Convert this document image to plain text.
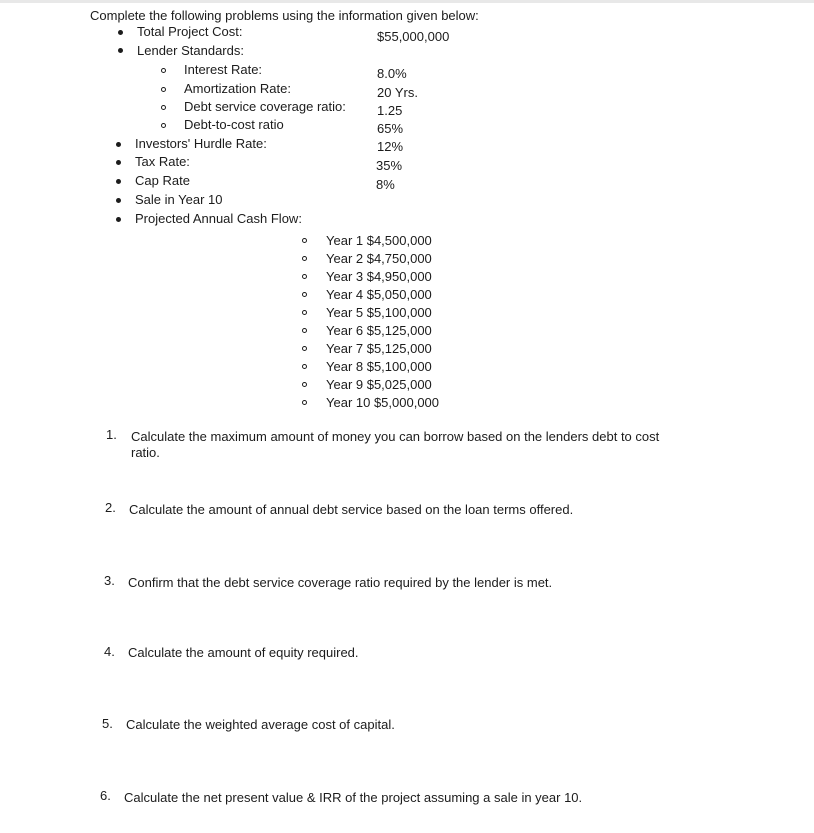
Complete the following problems using the information given below:
Total Project Cost:	$55,000,000
Lender Standards:
Interest Rate:	8.0%
Amortization Rate:	20 Yrs.
Debt service coverage ratio: 1.25
Debt-to-cost ratio	65%
Investors' Hurdle Rate:	12%
Tax Rate:	35%
Cap Rate	8%
Sale in Year 10
Projected Annual Cash Flow:
Year 1 $4,500,000
Year 2 $4,750,000
Year 3 $4,950,000
Year 4 $5,050,000
Year 5 $5,100,000
Year 6 $5,125,000
Year 7 $5,125,000
Year 8 $5,100,000
Year 9 $5,025,000
Year 10 $5,000,000
1. Calculate the maximum amount of money you can borrow based on the lenders debt to cost
ratio.
2. Calculate the amount of annual debt service based on the loan terms offered.
3. Confirm that the debt service coverage ratio required by the lender is met.
4. Calculate the amount of equity required.
5. Calculate the weighted average cost of capital.
6. Calculate the net present value & IRR of the project assuming a sale in year 10.
